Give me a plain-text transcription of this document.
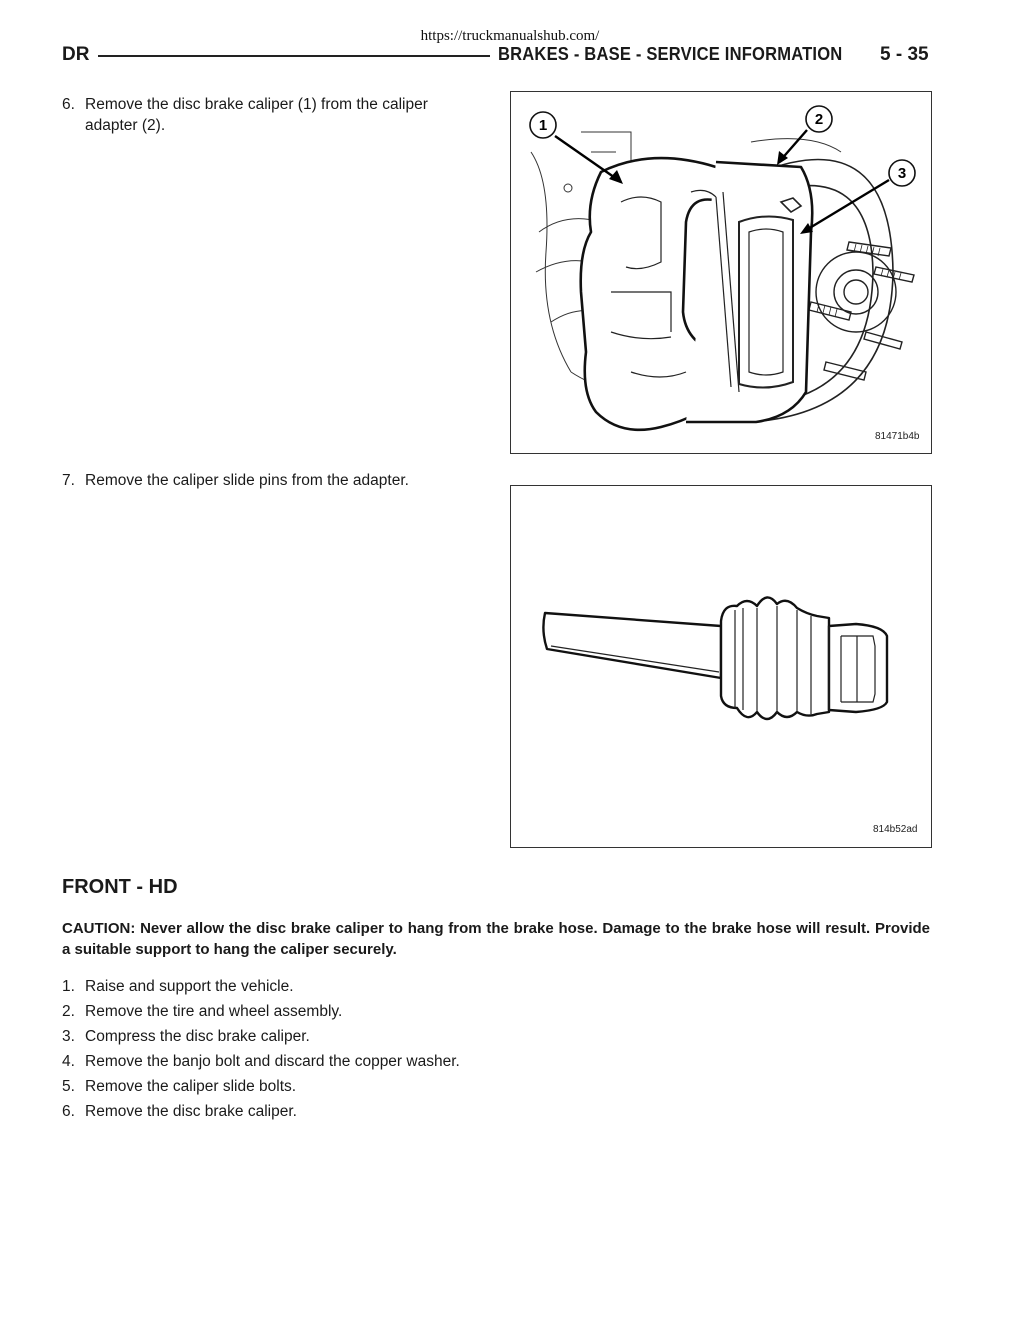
https://truckmanualshub.com/
DR	BRAKES - BASE - SERVICE INFORMATION 5 - 35
6. Remove the disc brake caliper (1) from the caliper
adapter (2).	1	2
3
81471b4b
7. Remove the caliper slide pins from the adapter.
814b52ad
FRONT - HD
CAUTION: Never allow the disc brake caliper to hang from the brake hose. Damage to the brake hose will result. Provide a suitable support to hang the caliper securely.
1. Raise and support the vehicle.
2. Remove the tire and wheel assembly.
3. Compress the disc brake caliper.
4. Remove the banjo bolt and discard the copper washer.
5. Remove the caliper slide bolts.
6. Remove the disc brake caliper.
